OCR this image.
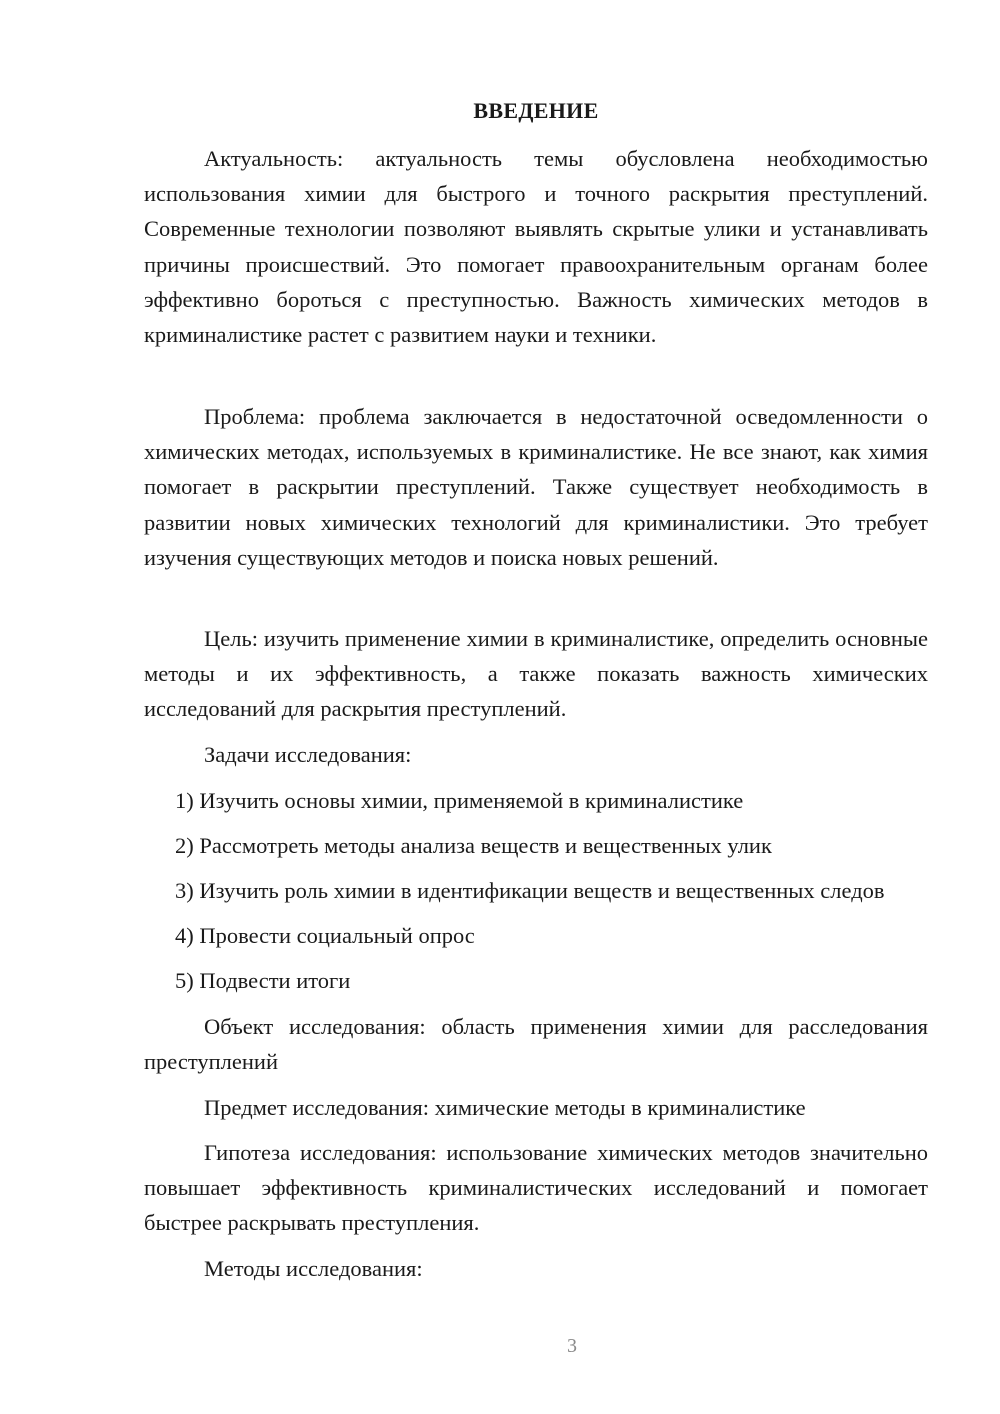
ВВЕДЕНИЕ

Актуальность: актуальность темы обусловлена необходимостью использования химии для быстрого и точного раскрытия преступлений. Современные технологии позволяют выявлять скрытые улики и устанавливать причины происшествий. Это помогает правоохранительным органам более эффективно бороться с преступностью. Важность химических методов в криминалистике растет с развитием науки и техники.

Проблема: проблема заключается в недостаточной осведомленности о химических методах, используемых в криминалистике. Не все знают, как химия помогает в раскрытии преступлений. Также существует необходимость в развитии новых химических технологий для криминалистики. Это требует изучения существующих методов и поиска новых решений.

Цель: изучить применение химии в криминалистике, определить основные методы и их эффективность, а также показать важность химических исследований для раскрытия преступлений.

Задачи исследования:

1) Изучить основы химии, применяемой в криминалистике

2) Рассмотреть методы анализа веществ и вещественных улик

3) Изучить роль химии в идентификации веществ и вещественных следов

4) Провести социальный опрос

5) Подвести итоги

Объект исследования: область применения химии для расследования преступлений

Предмет исследования: химические методы в криминалистике

Гипотеза исследования: использование химических методов значительно повышает эффективность криминалистических исследований и помогает быстрее раскрывать преступления.

Методы исследования:

3
